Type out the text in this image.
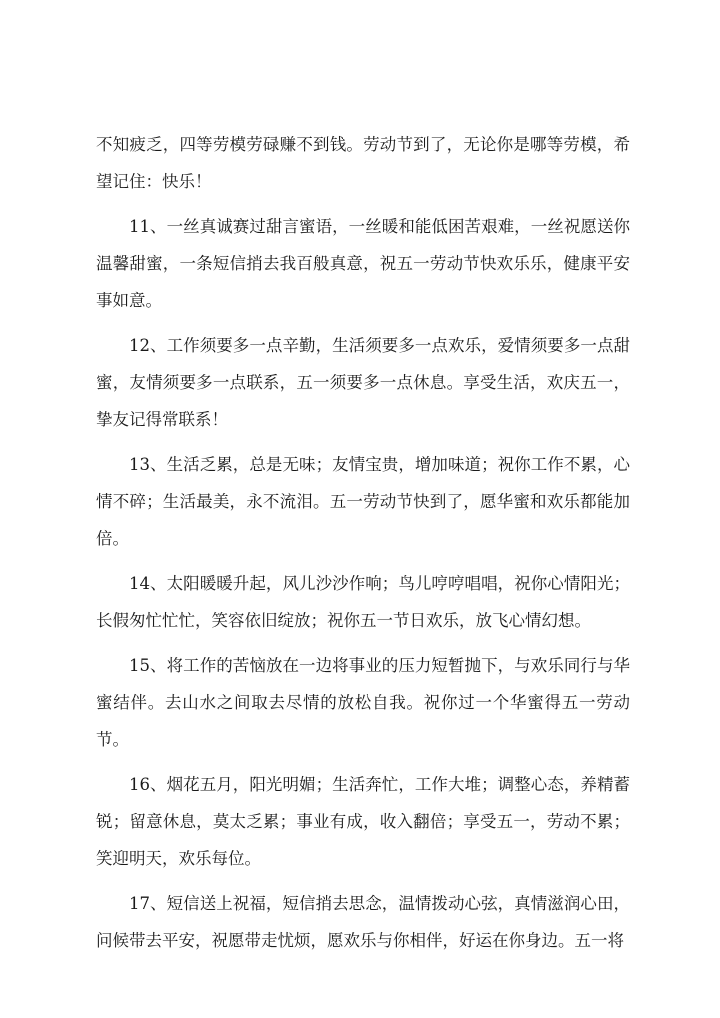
不知疲乏，四等劳模劳碌赚不到钱。劳动节到了，无论你是哪等劳模，希望记住：快乐！

11、一丝真诚赛过甜言蜜语，一丝暖和能低困苦艰难，一丝祝愿送你温馨甜蜜，一条短信捎去我百般真意，祝五一劳动节快欢乐乐，健康平安事如意。

12、工作须要多一点辛勤，生活须要多一点欢乐，爱情须要多一点甜蜜，友情须要多一点联系，五一须要多一点休息。享受生活，欢庆五一，挚友记得常联系！

13、生活乏累，总是无味；友情宝贵，增加味道；祝你工作不累，心情不碎；生活最美，永不流泪。五一劳动节快到了，愿华蜜和欢乐都能加倍。

14、太阳暖暖升起，风儿沙沙作响；鸟儿哼哼唱唱，祝你心情阳光；长假匆忙忙忙，笑容依旧绽放；祝你五一节日欢乐，放飞心情幻想。

15、将工作的苦恼放在一边将事业的压力短暂抛下，与欢乐同行与华蜜结伴。去山水之间取去尽情的放松自我。祝你过一个华蜜得五一劳动节。

16、烟花五月，阳光明媚；生活奔忙，工作大堆；调整心态，养精蓄锐；留意休息，莫太乏累；事业有成，收入翻倍；享受五一，劳动不累；笑迎明天，欢乐每位。

17、短信送上祝福，短信捎去思念，温情拨动心弦，真情滋润心田，问候带去平安，祝愿带走忧烦，愿欢乐与你相伴，好运在你身边。五一将
